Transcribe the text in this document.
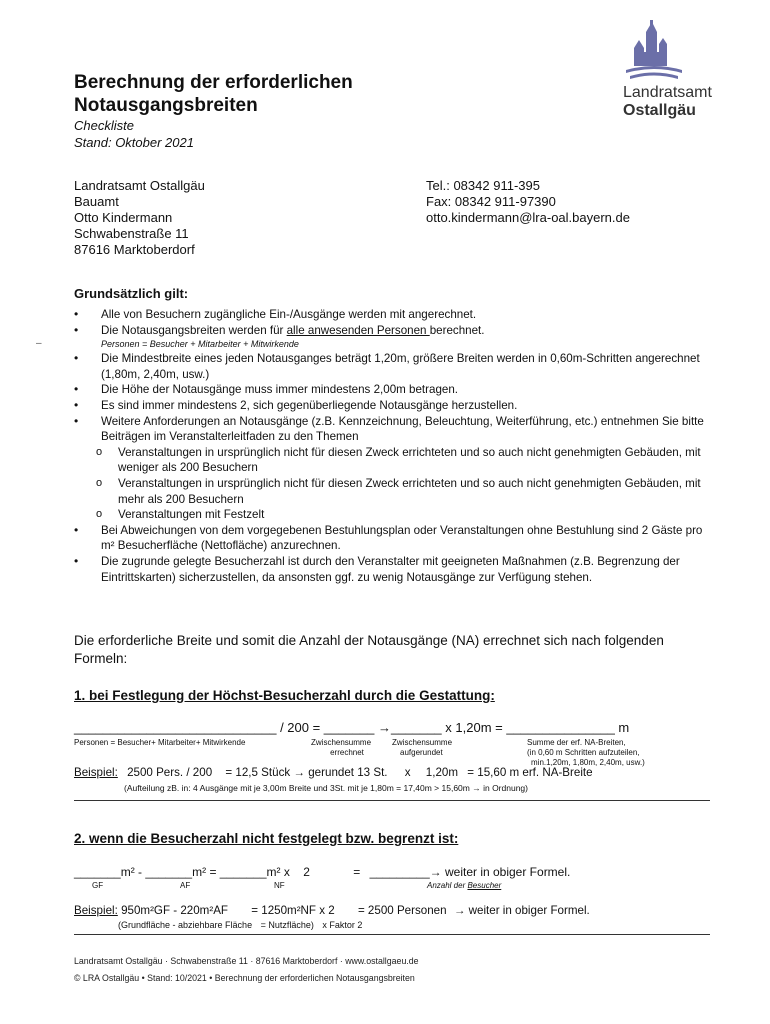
Landratsamt
Ostallgäu
Berechnung der erforderlichen
Notausgangsbreiten
Checkliste
Stand: Oktober 2021
Landratsamt Ostallgäu
Bauamt
Otto Kindermann
Schwabenstraße 11
87616 Marktoberdorf
Tel.: 08342 911-395
Fax: 08342 911-97390
otto.kindermann@lra-oal.bayern.de
–
Grundsätzlich gilt:
• Alle von Besuchern zugängliche Ein-/Ausgänge werden mit angerechnet.
• Die Notausgangsbreiten werden für alle anwesenden Personen berechnet.
Personen = Besucher + Mitarbeiter + Mitwirkende
• Die Mindestbreite eines jeden Notausganges beträgt 1,20m, größere Breiten werden in 0,60m-Schritten angerechnet (1,80m, 2,40m, usw.)
• Die Höhe der Notausgänge muss immer mindestens 2,00m betragen.
• Es sind immer mindestens 2, sich gegenüberliegende Notausgänge herzustellen.
• Weitere Anforderungen an Notausgänge (z.B. Kennzeichnung, Beleuchtung, Weiterführung, etc.) entnehmen Sie bitte Beiträgen im Veranstalterleitfaden zu den Themen
o Veranstaltungen in ursprünglich nicht für diesen Zweck errichteten und so auch nicht genehmigten Gebäuden, mit weniger als 200 Besuchern
o Veranstaltungen in ursprünglich nicht für diesen Zweck errichteten und so auch nicht genehmigten Gebäuden, mit mehr als 200 Besuchern
o Veranstaltungen mit Festzelt
• Bei Abweichungen von dem vorgegebenen Bestuhlungsplan oder Veranstaltungen ohne Bestuhlung sind 2 Gäste pro m² Besucherfläche (Nettofläche) anzurechnen.
• Die zugrunde gelegte Besucherzahl ist durch den Veranstalter mit geeigneten Maßnahmen (z.B. Begrenzung der Eintrittskarten) sicherzustellen, da ansonsten ggf. zu wenig Notausgänge zur Verfügung stehen.
Die erforderliche Breite und somit die Anzahl der Notausgänge (NA) errechnet sich nach folgenden Formeln:
1. bei Festlegung der Höchst-Besucherzahl durch die Gestattung:
____________________________ / 200 = _______ →_______ x 1,20m = _______________ m
Personen = Besucher+ Mitarbeiter+ Mitwirkende	Zwischensumme
errechnet
Zwischensumme
aufgerundet
Summe der erf. NA-Breiten,
(in 0,60 m Schritten aufzuteilen,
min.1,20m, 1,80m, 2,40m, usw.)
Beispiel: 2500 Pers. / 200 = 12,5 Stück → gerundet 13 St. x 1,20m = 15,60 m erf. NA-Breite
(Aufteilung zB. in: 4 Ausgänge mit je 3,00m Breite und 3St. mit je 1,80m = 17,40m > 15,60m → in Ordnung)
2. wenn die Besucherzahl nicht festgelegt bzw. begrenzt ist:
_______m² - _______m² = _______m² x 2	= _________→ weiter in obiger Formel.
GF	AF	NF	Anzahl der Besucher
Beispiel: 950m²GF - 220m²AF = 1250m²NF x 2 = 2500 Personen → weiter in obiger Formel.
(Grundfläche - abziehbare Fläche = Nutzfläche) x Faktor 2
Landratsamt Ostallgäu · Schwabenstraße 11 · 87616 Marktoberdorf · www.ostallgaeu.de
© LRA Ostallgäu • Stand: 10/2021 • Berechnung der erforderlichen Notausgangsbreiten
